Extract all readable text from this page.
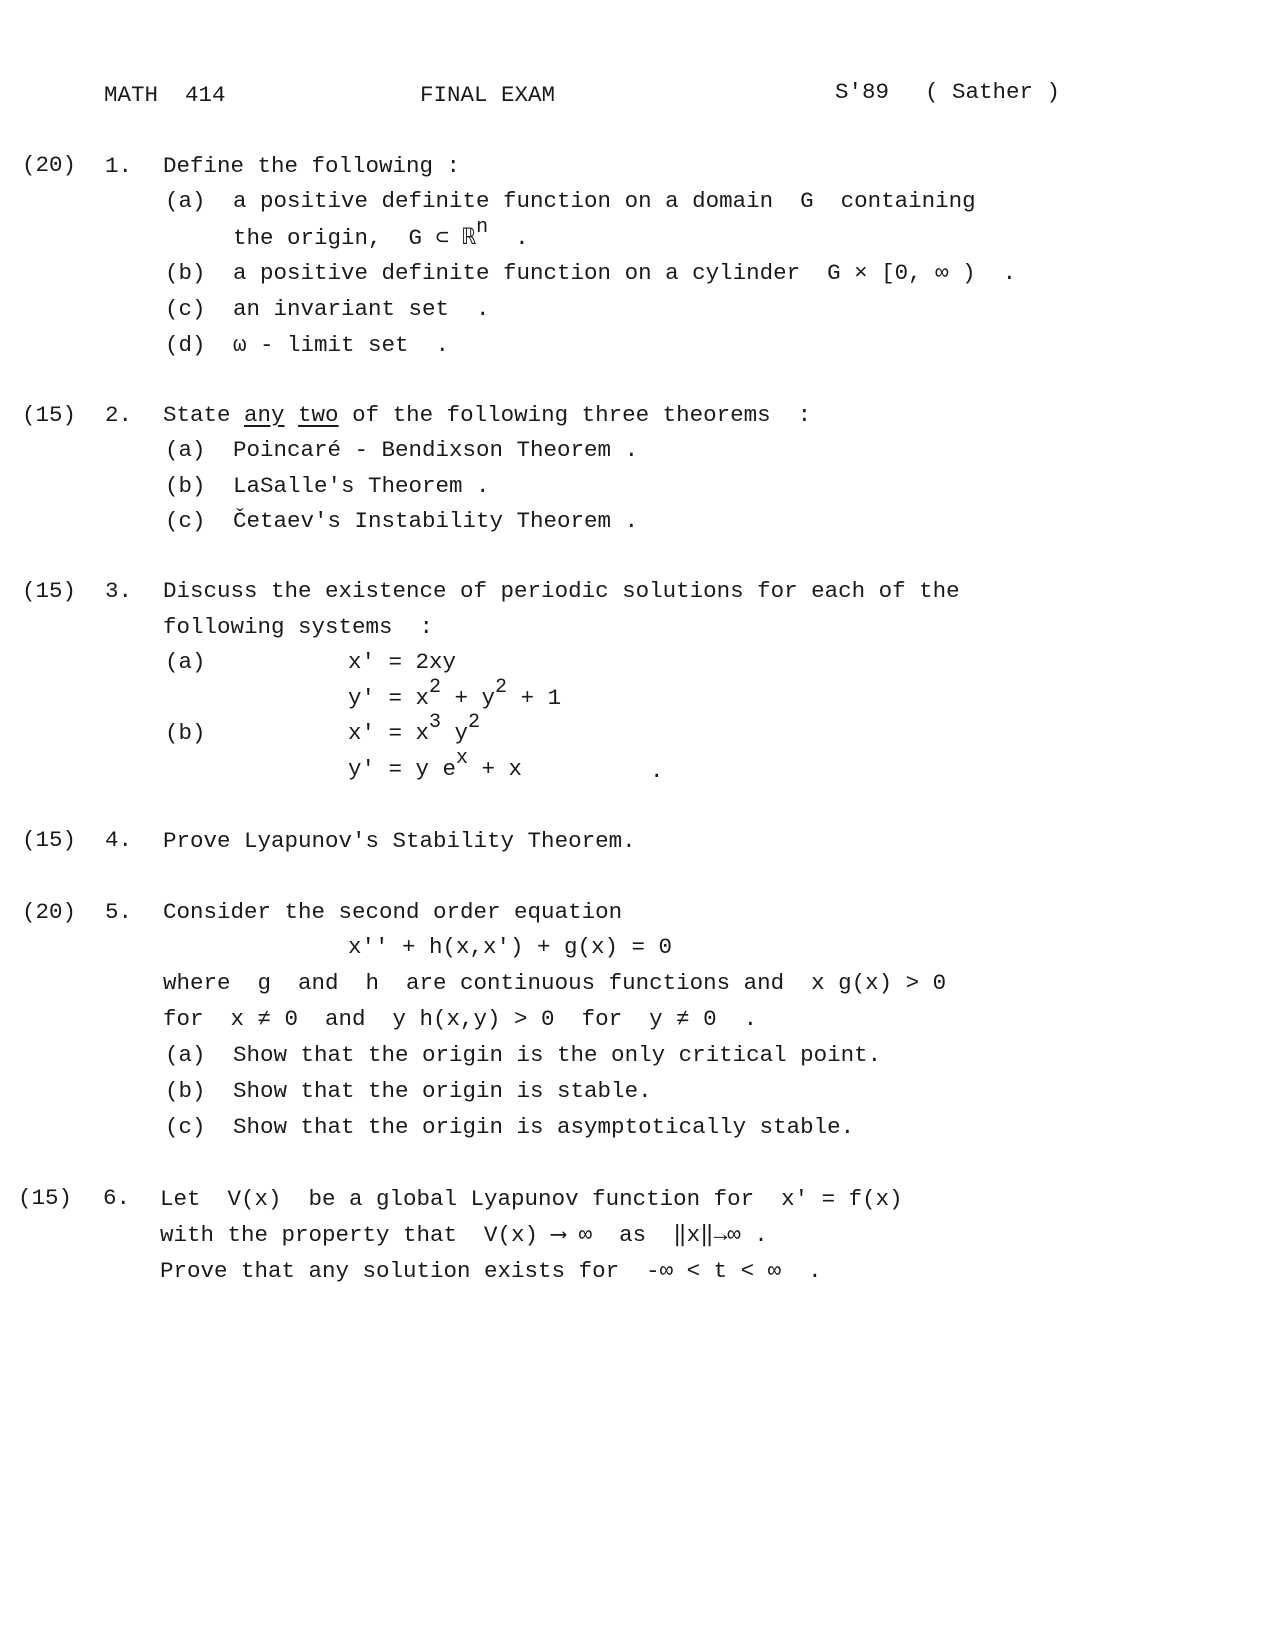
MATH  414	FINAL EXAM	S'89 ( Sather )
(20) 1. Define the following :
(a) a positive definite function on a domain  G  containing
the origin,  G ⊂ ℝn  .
(b) a positive definite function on a cylinder  G × [0, ∞ )  .
(c) an invariant set  .
(d) ω - limit set  .
(15) 2. State any two of the following three theorems  :
(a) Poincaré - Bendixson Theorem .
(b) LaSalle's Theorem .
(c) Četaev's Instability Theorem .
(15) 3. Discuss the existence of periodic solutions for each of the
following systems  :
(a)	x' = 2xy
y' = x2 + y2 + 1
(b)	x' = x3 y2
y' = y ex + x	.
(15) 4. Prove Lyapunov's Stability Theorem.
(20) 5. Consider the second order equation
x'' + h(x,x') + g(x) = 0
where  g  and  h  are continuous functions and  x g(x) > 0
for  x ≠ 0  and  y h(x,y) > 0  for  y ≠ 0  .
(a) Show that the origin is the only critical point.
(b) Show that the origin is stable.
(c) Show that the origin is asymptotically stable.
(15) 6. Let  V(x)  be a global Lyapunov function for  x' = f(x)
with the property that  V(x) ⟶ ∞  as  ‖x‖→∞ .
Prove that any solution exists for  -∞ < t < ∞  .
